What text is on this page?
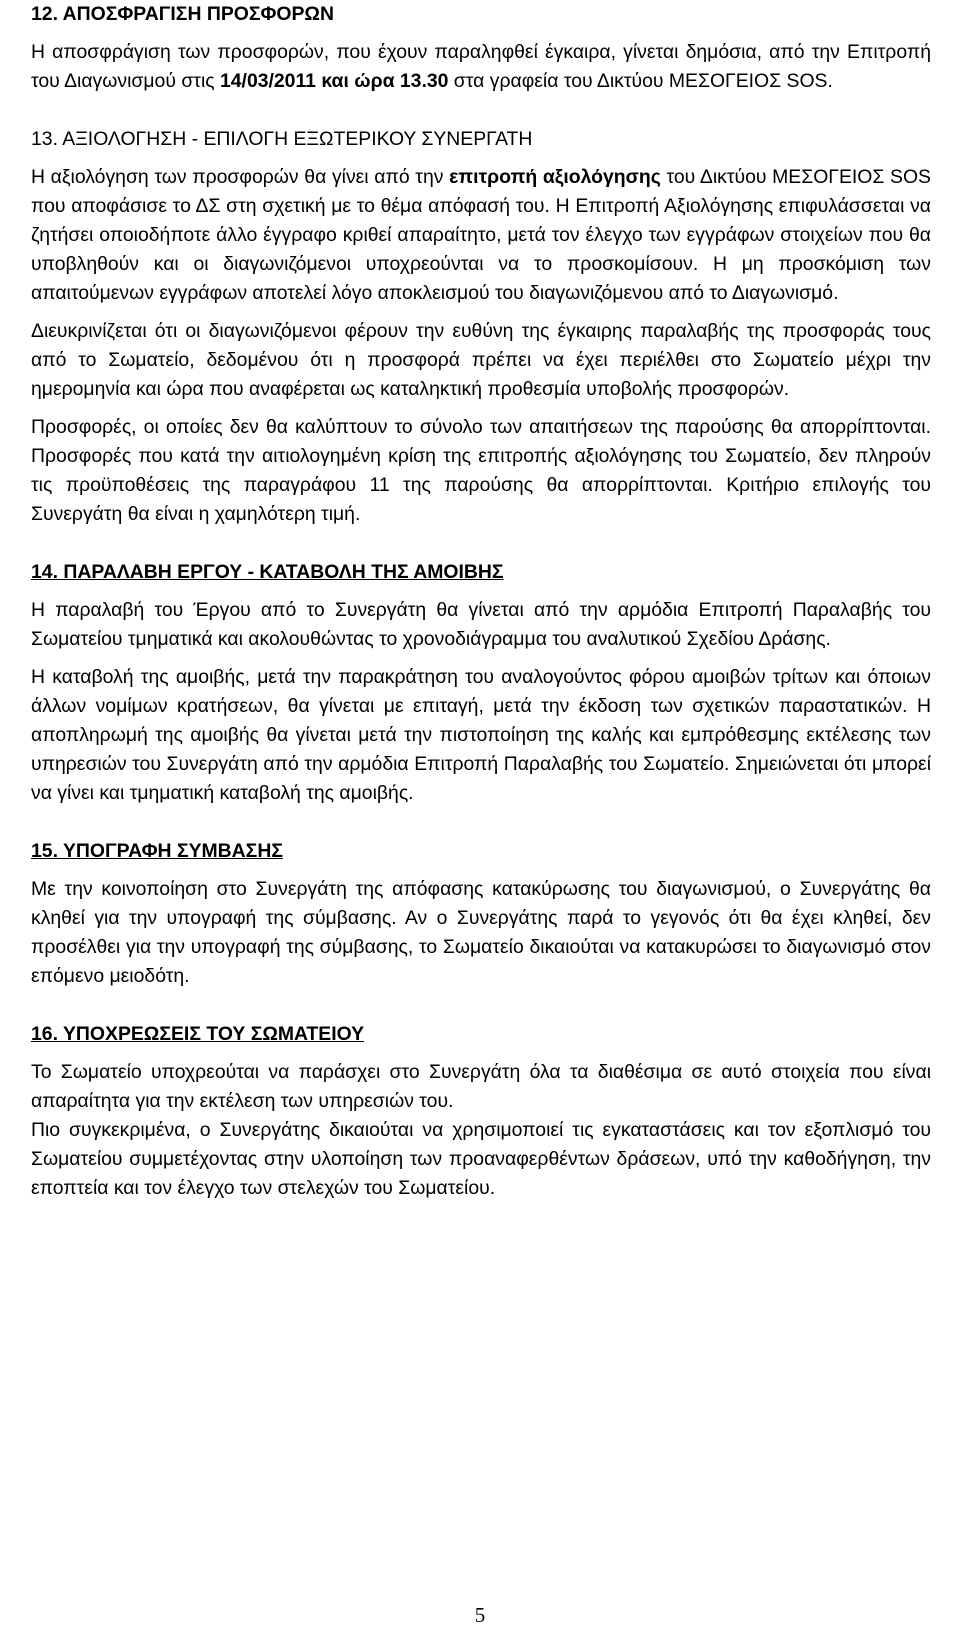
12. ΑΠΟΣΦΡΑΓΙΣΗ ΠΡΟΣΦΟΡΩΝ

Η αποσφράγιση των προσφορών, που έχουν παραληφθεί έγκαιρα, γίνεται δημόσια, από την Επιτροπή του Διαγωνισμού στις 14/03/2011 και ώρα 13.30 στα γραφεία του Δικτύου ΜΕΣΟΓΕΙΟΣ SOS.

13. ΑΞΙΟΛΟΓΗΣΗ - ΕΠΙΛΟΓΗ ΕΞΩΤΕΡΙΚΟΥ ΣΥΝΕΡΓΑΤΗ

Η αξιολόγηση των προσφορών θα γίνει από την επιτροπή αξιολόγησης του Δικτύου ΜΕΣΟΓΕΙΟΣ SOS που αποφάσισε το ΔΣ στη σχετική με το θέμα απόφασή του. Η Επιτροπή Αξιολόγησης επιφυλάσσεται να ζητήσει οποιοδήποτε άλλο έγγραφο κριθεί απαραίτητο, μετά τον έλεγχο των εγγράφων στοιχείων που θα υποβληθούν και οι διαγωνιζόμενοι υποχρεούνται να το προσκομίσουν. Η μη προσκόμιση των απαιτούμενων εγγράφων αποτελεί λόγο αποκλεισμού του διαγωνιζόμενου από το Διαγωνισμό.

Διευκρινίζεται ότι οι διαγωνιζόμενοι φέρουν την ευθύνη της έγκαιρης παραλαβής της προσφοράς τους από το Σωματείο, δεδομένου ότι η προσφορά πρέπει να έχει περιέλθει στο Σωματείο μέχρι την ημερομηνία και ώρα που αναφέρεται ως καταληκτική προθεσμία υποβολής προσφορών.

Προσφορές, οι οποίες δεν θα καλύπτουν το σύνολο των απαιτήσεων της παρούσης θα απορρίπτονται. Προσφορές που κατά την αιτιολογημένη κρίση της επιτροπής αξιολόγησης του Σωματείο, δεν πληρούν τις προϋποθέσεις της παραγράφου 11 της παρούσης θα απορρίπτονται. Κριτήριο επιλογής του Συνεργάτη θα είναι η χαμηλότερη τιμή.

14. ΠΑΡΑΛΑΒΗ ΕΡΓΟΥ - ΚΑΤΑΒΟΛΗ ΤΗΣ ΑΜΟΙΒΗΣ

Η παραλαβή του Έργου από το Συνεργάτη θα γίνεται από την αρμόδια Επιτροπή Παραλαβής του Σωματείου τμηματικά και ακολουθώντας το χρονοδιάγραμμα του αναλυτικού Σχεδίου Δράσης.

Η καταβολή της αμοιβής, μετά την παρακράτηση του αναλογούντος φόρου αμοιβών τρίτων και όποιων άλλων νομίμων κρατήσεων, θα γίνεται με επιταγή, μετά την έκδοση των σχετικών παραστατικών. Η αποπληρωμή της αμοιβής θα γίνεται μετά την πιστοποίηση της καλής και εμπρόθεσμης εκτέλεσης των υπηρεσιών του Συνεργάτη από την αρμόδια Επιτροπή Παραλαβής του Σωματείο. Σημειώνεται ότι μπορεί να γίνει και τμηματική καταβολή της αμοιβής.

15. ΥΠΟΓΡΑΦΗ ΣΥΜΒΑΣΗΣ

Με την κοινοποίηση στο Συνεργάτη της απόφασης κατακύρωσης του διαγωνισμού, ο Συνεργάτης θα κληθεί για την υπογραφή της σύμβασης. Αν ο Συνεργάτης παρά το γεγονός ότι θα έχει κληθεί, δεν προσέλθει για την υπογραφή της σύμβασης, το Σωματείο δικαιούται να κατακυρώσει το διαγωνισμό στον επόμενο μειοδότη.

16. ΥΠΟΧΡΕΩΣΕΙΣ ΤΟΥ ΣΩΜΑΤΕΙΟΥ

Το Σωματείο υποχρεούται να παράσχει στο Συνεργάτη όλα τα διαθέσιμα σε αυτό στοιχεία που είναι απαραίτητα για την εκτέλεση των υπηρεσιών του.

Πιο συγκεκριμένα, ο Συνεργάτης δικαιούται να χρησιμοποιεί τις εγκαταστάσεις και τον εξοπλισμό του Σωματείου συμμετέχοντας στην υλοποίηση των προαναφερθέντων δράσεων, υπό την καθοδήγηση, την εποπτεία και τον έλεγχο των στελεχών του Σωματείου.

5
